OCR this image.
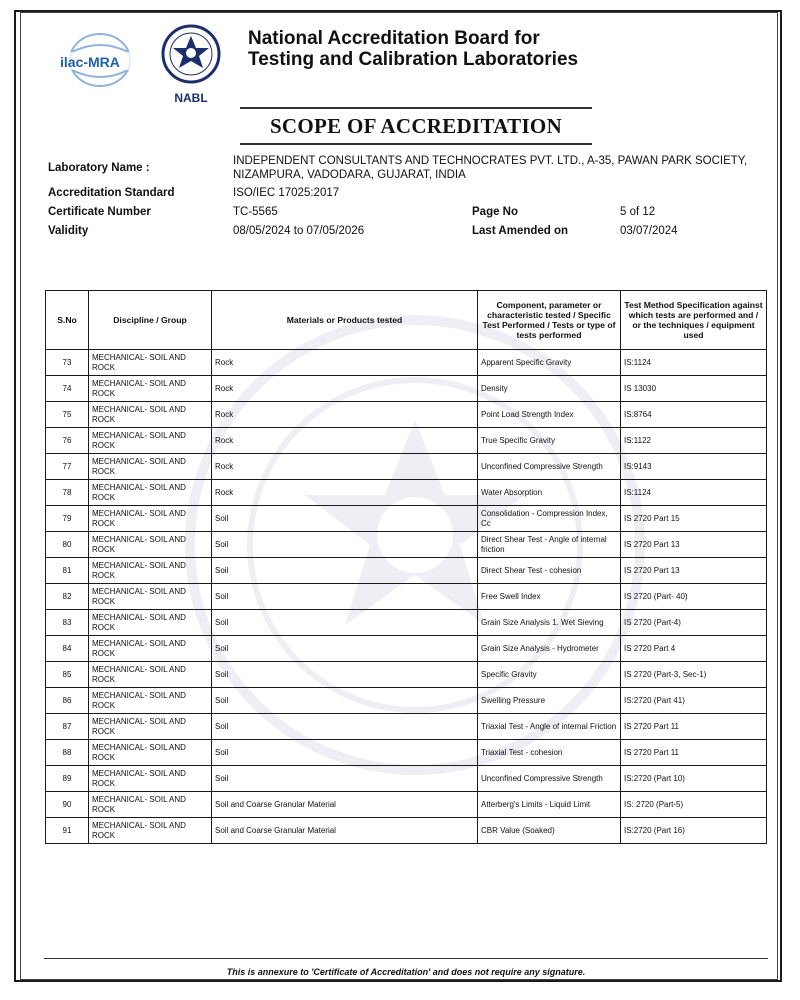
ilac-MRA
NABL
National Accreditation Board for
Testing and Calibration Laboratories
SCOPE OF ACCREDITATION
Laboratory Name :
INDEPENDENT CONSULTANTS AND TECHNOCRATES PVT. LTD., A-35, PAWAN PARK SOCIETY,
NIZAMPURA, VADODARA, GUJARAT, INDIA
Accreditation Standard	ISO/IEC 17025:2017
Certificate Number	TC-5565	Page No	5 of 12
Validity	08/05/2024 to 07/05/2026	Last Amended on	03/07/2024
S.No	Discipline / Group	Materials or Products tested	Component, parameter or characteristic tested / Specific Test Performed / Tests or type of tests performed	Test Method Specification against which tests are performed and / or the techniques / equipment used
73	MECHANICAL- SOIL AND ROCK	Rock	Apparent Specific Gravity	IS:1124
74	MECHANICAL- SOIL AND ROCK	Rock	Density	IS 13030
75	MECHANICAL- SOIL AND ROCK	Rock	Point Load Strength Index	IS:8764
76	MECHANICAL- SOIL AND ROCK	Rock	True Specific Gravity	IS:1122
77	MECHANICAL- SOIL AND ROCK	Rock	Unconfined Compressive Strength	IS:9143
78	MECHANICAL- SOIL AND ROCK	Rock	Water Absorption	IS:1124
79	MECHANICAL- SOIL AND ROCK	Soil	Consolidation - Compression Index, Cc	IS 2720 Part 15
80	MECHANICAL- SOIL AND ROCK	Soil	Direct Shear Test - Angle of internal friction	IS 2720 Part 13
81	MECHANICAL- SOIL AND ROCK	Soil	Direct Shear Test - cohesion	IS 2720 Part 13
82	MECHANICAL- SOIL AND ROCK	Soil	Free Swell Index	IS 2720 (Part- 40)
83	MECHANICAL- SOIL AND ROCK	Soil	Grain Size Analysis 1. Wet Sieving	IS 2720 (Part-4)
84	MECHANICAL- SOIL AND ROCK	Soil	Grain Size Analysis - Hydrometer	IS 2720 Part 4
85	MECHANICAL- SOIL AND ROCK	Soil	Specific Gravity	IS 2720 (Part-3, Sec-1)
86	MECHANICAL- SOIL AND ROCK	Soil	Swelling Pressure	IS:2720 (Part 41)
87	MECHANICAL- SOIL AND ROCK	Soil	Triaxial Test - Angle of internal Friction	IS 2720 Part 11
88	MECHANICAL- SOIL AND ROCK	Soil	Triaxial Test - cohesion	IS 2720 Part 11
89	MECHANICAL- SOIL AND ROCK	Soil	Unconfined Compressive Strength	IS:2720 (Part 10)
90	MECHANICAL- SOIL AND ROCK	Soil and Coarse Granular Material	Atterberg's Limits - Liquid Limit	IS: 2720 (Part-5)
91	MECHANICAL- SOIL AND ROCK	Soil and Coarse Granular Material	CBR Value (Soaked)	IS:2720 (Part 16)
This is annexure to 'Certificate of Accreditation' and does not require any signature.
